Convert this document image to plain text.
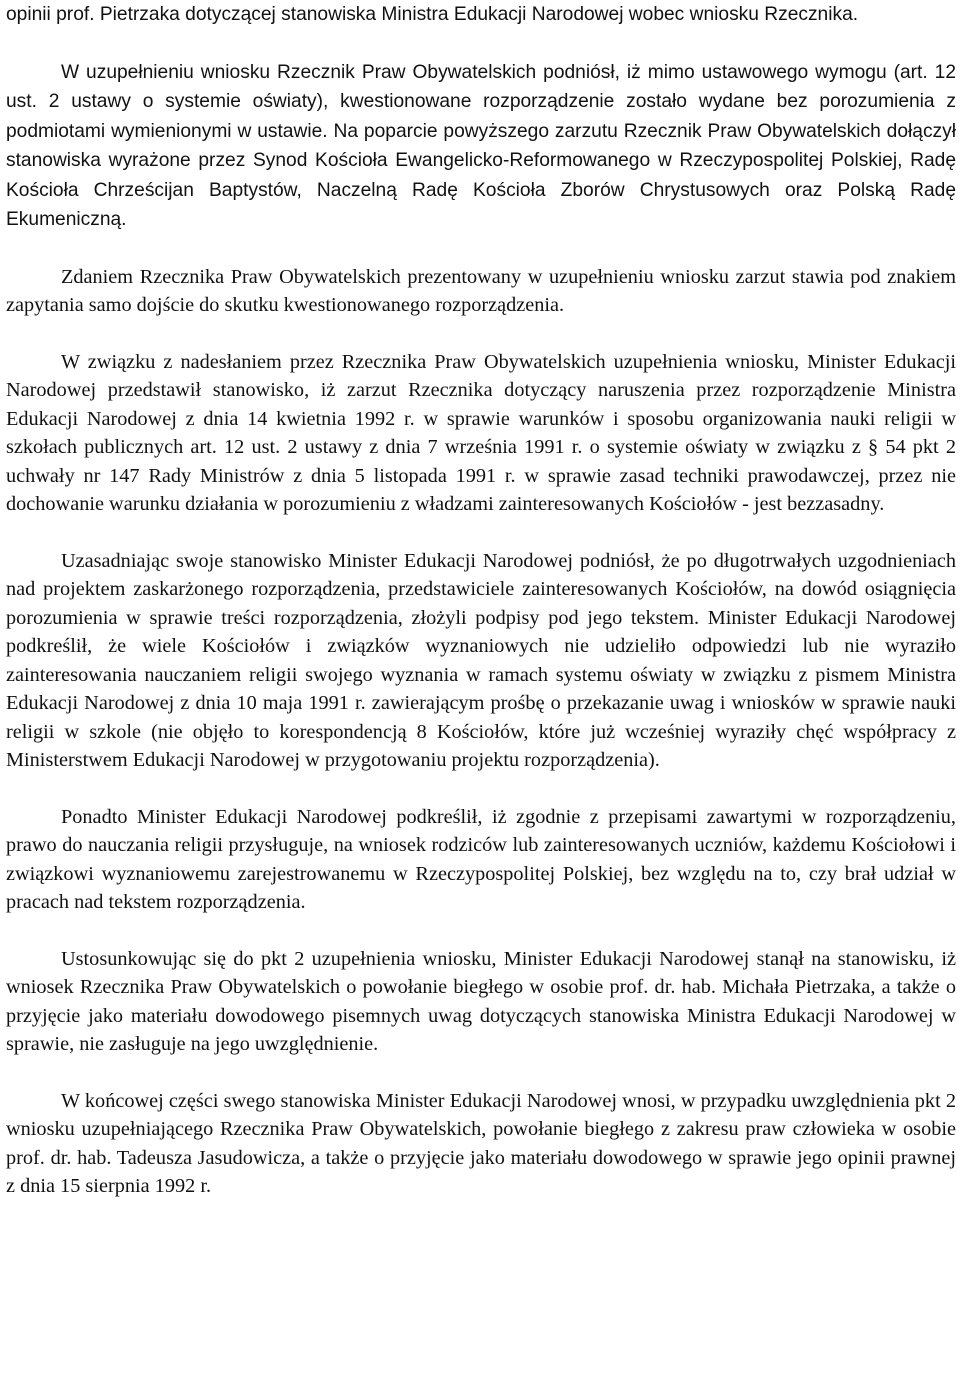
opinii prof. Pietrzaka dotyczącej stanowiska Ministra Edukacji Narodowej wobec wniosku Rzecznika.

W uzupełnieniu wniosku Rzecznik Praw Obywatelskich podniósł, iż mimo ustawowego wymogu (art. 12 ust. 2 ustawy o systemie oświaty), kwestionowane rozporządzenie zostało wydane bez porozumienia z podmiotami wymienionymi w ustawie. Na poparcie powyższego zarzutu Rzecznik Praw Obywatelskich dołączył stanowiska wyrażone przez Synod Kościoła Ewangelicko-Reformowanego w Rzeczypospolitej Polskiej, Radę Kościoła Chrześcijan Baptystów, Naczelną Radę Kościoła Zborów Chrystusowych oraz Polską Radę Ekumeniczną.

Zdaniem Rzecznika Praw Obywatelskich prezentowany w uzupełnieniu wniosku zarzut stawia pod znakiem zapytania samo dojście do skutku kwestionowanego rozporządzenia.

W związku z nadesłaniem przez Rzecznika Praw Obywatelskich uzupełnienia wniosku, Minister Edukacji Narodowej przedstawił stanowisko, iż zarzut Rzecznika dotyczący naruszenia przez rozporządzenie Ministra Edukacji Narodowej z dnia 14 kwietnia 1992 r. w sprawie warunków i sposobu organizowania nauki religii w szkołach publicznych art. 12 ust. 2 ustawy z dnia 7 września 1991 r. o systemie oświaty w związku z § 54 pkt 2 uchwały nr 147 Rady Ministrów z dnia 5 listopada 1991 r. w sprawie zasad techniki prawodawczej, przez nie dochowanie warunku działania w porozumieniu z władzami zainteresowanych Kościołów - jest bezzasadny.

Uzasadniając swoje stanowisko Minister Edukacji Narodowej podniósł, że po długotrwałych uzgodnieniach nad projektem zaskarżonego rozporządzenia, przedstawiciele zainteresowanych Kościołów, na dowód osiągnięcia porozumienia w sprawie treści rozporządzenia, złożyli podpisy pod jego tekstem. Minister Edukacji Narodowej podkreślił, że wiele Kościołów i związków wyznaniowych nie udzieliło odpowiedzi lub nie wyraziło zainteresowania nauczaniem religii swojego wyznania w ramach systemu oświaty w związku z pismem Ministra Edukacji Narodowej z dnia 10 maja 1991 r. zawierającym prośbę o przekazanie uwag i wniosków w sprawie nauki religii w szkole (nie objęło to korespondencją 8 Kościołów, które już wcześniej wyraziły chęć współpracy z Ministerstwem Edukacji Narodowej w przygotowaniu projektu rozporządzenia).

Ponadto Minister Edukacji Narodowej podkreślił, iż zgodnie z przepisami zawartymi w rozporządzeniu, prawo do nauczania religii przysługuje, na wniosek rodziców lub zainteresowanych uczniów, każdemu Kościołowi i związkowi wyznaniowemu zarejestrowanemu w Rzeczypospolitej Polskiej, bez względu na to, czy brał udział w pracach nad tekstem rozporządzenia.

Ustosunkowując się do pkt 2 uzupełnienia wniosku, Minister Edukacji Narodowej stanął na stanowisku, iż wniosek Rzecznika Praw Obywatelskich o powołanie biegłego w osobie prof. dr. hab. Michała Pietrzaka, a także o przyjęcie jako materiału dowodowego pisemnych uwag dotyczących stanowiska Ministra Edukacji Narodowej w sprawie, nie zasługuje na jego uwzględnienie.

W końcowej części swego stanowiska Minister Edukacji Narodowej wnosi, w przypadku uwzględnienia pkt 2 wniosku uzupełniającego Rzecznika Praw Obywatelskich, powołanie biegłego z zakresu praw człowieka w osobie prof. dr. hab. Tadeusza Jasudowicza, a także o przyjęcie jako materiału dowodowego w sprawie jego opinii prawnej z dnia 15 sierpnia 1992 r.
